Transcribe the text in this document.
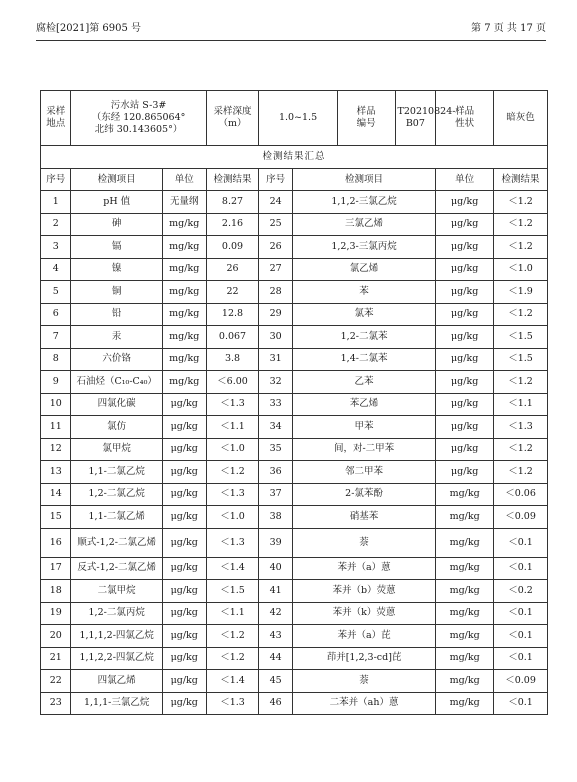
腐检[2021]第 6905 号	第 7 页 共 17 页
采样地点	污水站 S-3#
（东经 120.865064°
北纬 30.143605°）		采样深度
（m）	1.0~1.5		样品
编号	T20210824-B07	样品
性状	暗灰色
检测结果汇总									
序号	检测项目	单位	检测结果	序号	检测项目			单位	检测结果
1	pH 值	无量纲	8.27	24	1,1,2-三氯乙烷			μg/kg	＜1.2
2	砷	mg/kg	2.16	25	三氯乙烯			μg/kg	＜1.2
3	镉	mg/kg	0.09	26	1,2,3-三氯丙烷			μg/kg	＜1.2
4	镍	mg/kg	26	27	氯乙烯			μg/kg	＜1.0
5	铜	mg/kg	22	28	苯			μg/kg	＜1.9
6	铅	mg/kg	12.8	29	氯苯			μg/kg	＜1.2
7	汞	mg/kg	0.067	30	1,2-二氯苯			μg/kg	＜1.5
8	六价铬	mg/kg	3.8	31	1,4-二氯苯			μg/kg	＜1.5
9	石油烃（C₁₀-C₄₀）	mg/kg	＜6.00	32	乙苯			μg/kg	＜1.2
10	四氯化碳	μg/kg	＜1.3	33	苯乙烯			μg/kg	＜1.1
11	氯仿	μg/kg	＜1.1	34	甲苯			μg/kg	＜1.3
12	氯甲烷	μg/kg	＜1.0	35	间，对-二甲苯			μg/kg	＜1.2
13	1,1-二氯乙烷	μg/kg	＜1.2	36	邻二甲苯			μg/kg	＜1.2
14	1,2-二氯乙烷	μg/kg	＜1.3	37	2-氯苯酚			mg/kg	＜0.06
15	1,1-二氯乙烯	μg/kg	＜1.0	38	硝基苯			mg/kg	＜0.09
16	顺式-1,2-二氯乙烯	μg/kg	＜1.3	39	萘			mg/kg	＜0.1
17	反式-1,2-二氯乙烯	μg/kg	＜1.4	40	苯并（a）蒽			mg/kg	＜0.1
18	二氯甲烷	μg/kg	＜1.5	41	苯并（b）荧蒽			mg/kg	＜0.2
19	1,2-二氯丙烷	μg/kg	＜1.1	42	苯并（k）荧蒽			mg/kg	＜0.1
20	1,1,1,2-四氯乙烷	μg/kg	＜1.2	43	苯并（a）芘			mg/kg	＜0.1
21	1,1,2,2-四氯乙烷	μg/kg	＜1.2	44	茚并[1,2,3-cd]芘			mg/kg	＜0.1
22	四氯乙烯	μg/kg	＜1.4	45	萘			mg/kg	＜0.09
23	1,1,1-三氯乙烷	μg/kg	＜1.3	46	二苯并（ah）蒽			mg/kg	＜0.1
